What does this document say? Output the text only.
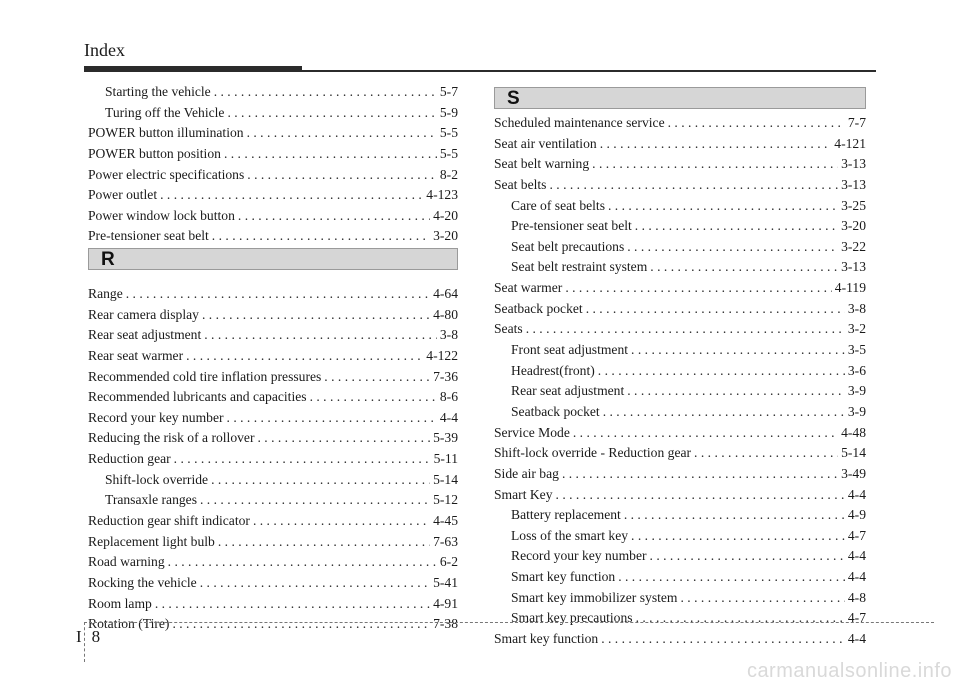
Index
Starting the vehicle . . .	5-7
Turing off the Vehicle . . .	5-9
POWER button illumination . . .	5-5
POWER button position . . .	5-5
Power electric specifications . . .	8-2
Power outlet . . .	4-123
Power window lock button . . .	4-20
Pre-tensioner seat belt . . .	3-20
R
Range . . .	4-64
Rear camera display . . .	4-80
Rear seat adjustment . . .	3-8
Rear seat warmer . . .	4-122
Recommended cold tire inflation pressures . . .	7-36
Recommended lubricants and capacities . . .	8-6
Record your key number . . .	4-4
Reducing the risk of a rollover . . .	5-39
Reduction gear . . .	5-11
Shift-lock override . . .	5-14
Transaxle ranges . . .	5-12
Reduction gear shift indicator . . .	4-45
Replacement light bulb . . .	7-63
Road warning . . .	6-2
Rocking the vehicle . . .	5-41
Room lamp . . .	4-91
Rotation (Tire) . . .	7-38
S
Scheduled maintenance service . . .	7-7
Seat air ventilation . . .	4-121
Seat belt warning . . .	3-13
Seat belts . . .	3-13
Care of seat belts . . .	3-25
Pre-tensioner seat belt . . .	3-20
Seat belt precautions . . .	3-22
Seat belt restraint system . . .	3-13
Seat warmer . . .	4-119
Seatback pocket . . .	3-8
Seats . . .	3-2
Front seat adjustment . . .	3-5
Headrest(front) . . .	3-6
Rear seat adjustment . . .	3-9
Seatback pocket . . .	3-9
Service Mode . . .	4-48
Shift-lock override - Reduction gear . . .	5-14
Side air bag . . .	3-49
Smart Key . . .	4-4
Battery replacement . . .	4-9
Loss of the smart key . . .	4-7
Record your key number . . .	4-4
Smart key function . . .	4-4
Smart key immobilizer system . . .	4-8
Smart key precautions . . .	4-7
Smart key function . . .	4-4
I 8
carmanualsonline.info
